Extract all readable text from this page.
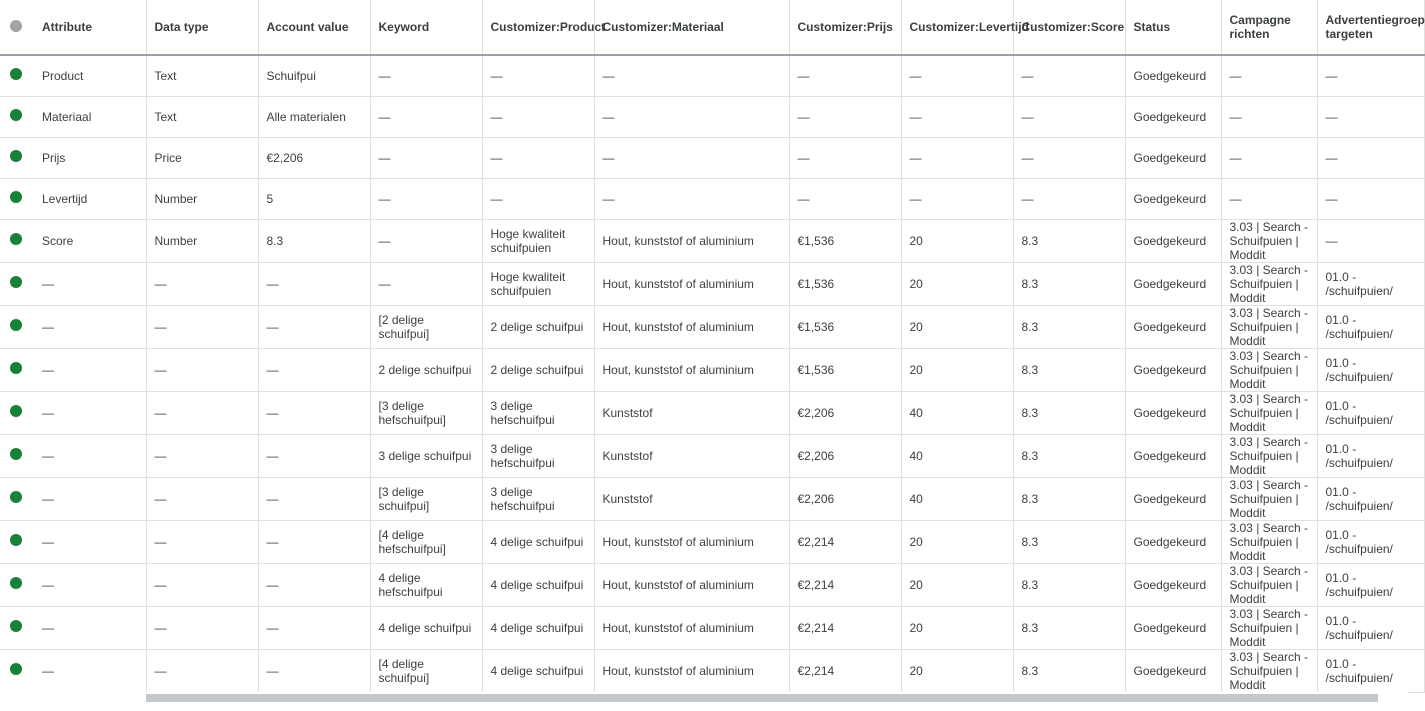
	Attribute	Data type	Account value	Keyword	Customizer:Product	Customizer:Materiaal	Customizer:Prijs	Customizer:Levertijd	Customizer:Score	Status	Campagne richten	Advertentiegroep targeten
	Product	Text	Schuifpui	—	—	—	—	—	—	Goedgekeurd	—	—
	Materiaal	Text	Alle materialen	—	—	—	—	—	—	Goedgekeurd	—	—
	Prijs	Price	€2,206	—	—	—	—	—	—	Goedgekeurd	—	—
	Levertijd	Number	5	—	—	—	—	—	—	Goedgekeurd	—	—
	Score	Number	8.3	—	Hoge kwaliteit schuifpuien	Hout, kunststof of aluminium	€1,536	20	8.3	Goedgekeurd	3.03 | Search - Schuifpuien | Moddit	—
	—	—	—	—	Hoge kwaliteit schuifpuien	Hout, kunststof of aluminium	€1,536	20	8.3	Goedgekeurd	3.03 | Search - Schuifpuien | Moddit	01.0 - /schuifpuien/
	—	—	—	[2 delige schuifpui]	2 delige schuifpui	Hout, kunststof of aluminium	€1,536	20	8.3	Goedgekeurd	3.03 | Search - Schuifpuien | Moddit	01.0 - /schuifpuien/
	—	—	—	2 delige schuifpui	2 delige schuifpui	Hout, kunststof of aluminium	€1,536	20	8.3	Goedgekeurd	3.03 | Search - Schuifpuien | Moddit	01.0 - /schuifpuien/
	—	—	—	[3 delige hefschuifpui]	3 delige hefschuifpui	Kunststof	€2,206	40	8.3	Goedgekeurd	3.03 | Search - Schuifpuien | Moddit	01.0 - /schuifpuien/
	—	—	—	3 delige schuifpui	3 delige hefschuifpui	Kunststof	€2,206	40	8.3	Goedgekeurd	3.03 | Search - Schuifpuien | Moddit	01.0 - /schuifpuien/
	—	—	—	[3 delige schuifpui]	3 delige hefschuifpui	Kunststof	€2,206	40	8.3	Goedgekeurd	3.03 | Search - Schuifpuien | Moddit	01.0 - /schuifpuien/
	—	—	—	[4 delige hefschuifpui]	4 delige schuifpui	Hout, kunststof of aluminium	€2,214	20	8.3	Goedgekeurd	3.03 | Search - Schuifpuien | Moddit	01.0 - /schuifpuien/
	—	—	—	4 delige hefschuifpui	4 delige schuifpui	Hout, kunststof of aluminium	€2,214	20	8.3	Goedgekeurd	3.03 | Search - Schuifpuien | Moddit	01.0 - /schuifpuien/
	—	—	—	4 delige schuifpui	4 delige schuifpui	Hout, kunststof of aluminium	€2,214	20	8.3	Goedgekeurd	3.03 | Search - Schuifpuien | Moddit	01.0 - /schuifpuien/
	—	—	—	[4 delige schuifpui]	4 delige schuifpui	Hout, kunststof of aluminium	€2,214	20	8.3	Goedgekeurd	3.03 | Search - Schuifpuien | Moddit	01.0 - /schuifpuien/
